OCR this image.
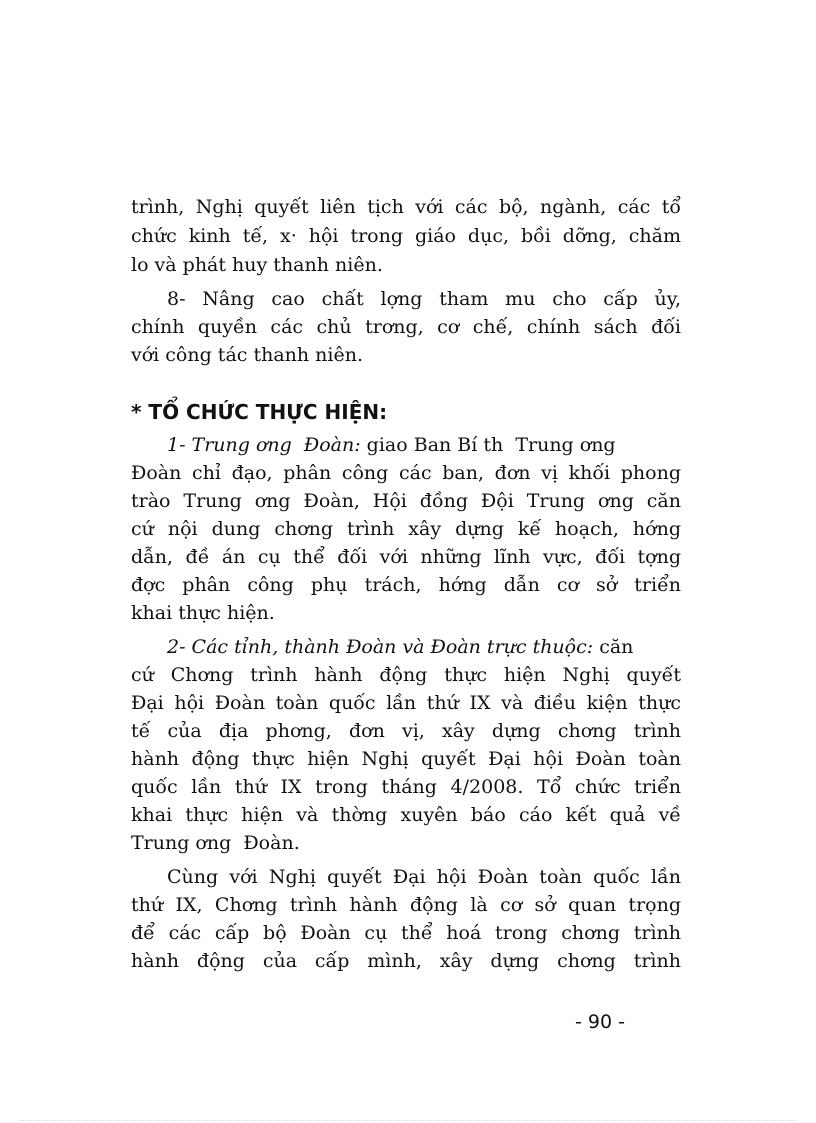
trình, Nghị quyết liên tịch với các bộ, ngành, các tổ
chức kinh tế, x· hội trong giáo dục, bồi dỡng, chăm
lo và phát huy thanh niên.
8- Nâng cao chất lợng tham mu cho cấp ủy,
chính quyền các chủ trơng, cơ chế, chính sách đối
với công tác thanh niên.
* TỔ CHỨC THỰC HIỆN:
1- Trung ơng  Đoàn: giao Ban Bí th  Trung ơng
Đoàn chỉ đạo, phân công các ban, đơn vị khối phong
trào Trung ơng Đoàn, Hội đồng Đội Trung ơng căn
cứ nội dung chơng trình xây dựng kế hoạch, hớng
dẫn, đề án cụ thể đối với những lĩnh vực, đối tợng
đợc phân công phụ trách, hớng dẫn cơ sở triển
khai thực hiện.
2- Các tỉnh, thành Đoàn và Đoàn trực thuộc: căn
cứ Chơng trình hành động thực hiện Nghị quyết
Đại hội Đoàn toàn quốc lần thứ IX và điều kiện thực
tế của địa phơng, đơn vị, xây dựng chơng trình
hành động thực hiện Nghị quyết Đại hội Đoàn toàn
quốc lần thứ IX trong tháng 4/2008. Tổ chức triển
khai thực hiện và thờng xuyên báo cáo kết quả về
Trung ơng  Đoàn.
Cùng với Nghị quyết Đại hội Đoàn toàn quốc lần
thứ IX, Chơng trình hành động là cơ sở quan trọng
để các cấp bộ Đoàn cụ thể hoá trong chơng trình
hành động của cấp mình, xây dựng chơng trình
- 90 -
